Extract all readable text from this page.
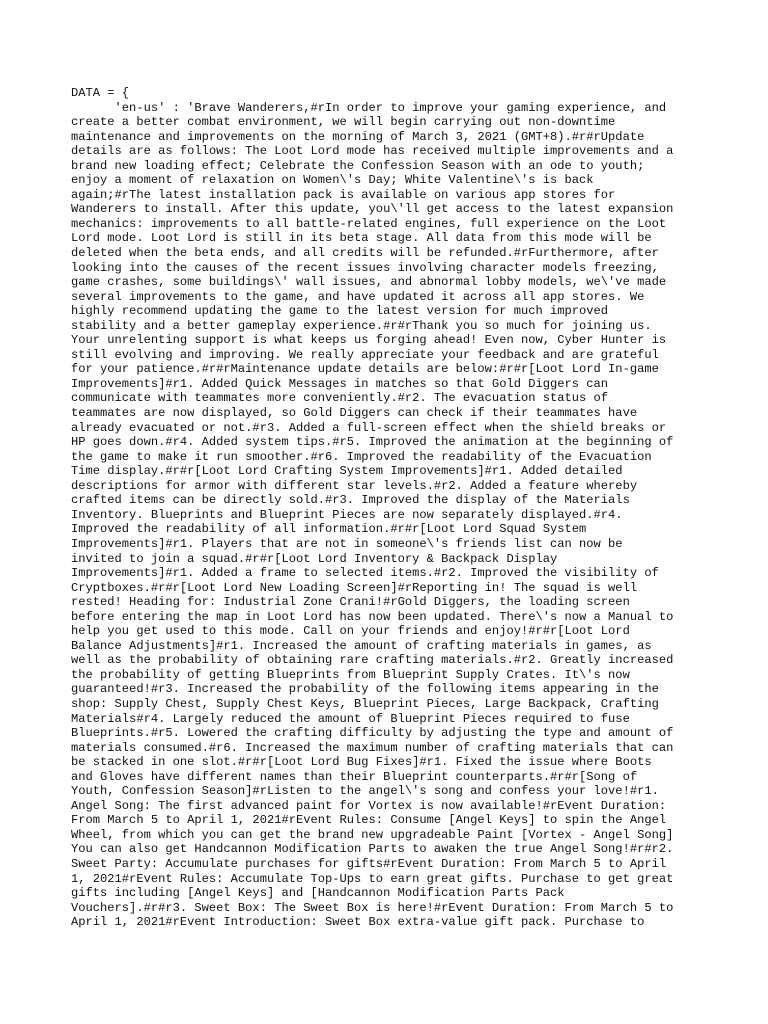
DATA = {
'en-us' : 'Brave Wanderers,#rIn order to improve your gaming experience, and
create a better combat environment, we will begin carrying out non-downtime
maintenance and improvements on the morning of March 3, 2021 (GMT+8).#r#rUpdate
details are as follows: The Loot Lord mode has received multiple improvements and a
brand new loading effect; Celebrate the Confession Season with an ode to youth;
enjoy a moment of relaxation on Women\'s Day; White Valentine\'s is back
again;#rThe latest installation pack is available on various app stores for
Wanderers to install. After this update, you\'ll get access to the latest expansion
mechanics: improvements to all battle-related engines, full experience on the Loot
Lord mode. Loot Lord is still in its beta stage. All data from this mode will be
deleted when the beta ends, and all credits will be refunded.#rFurthermore, after
looking into the causes of the recent issues involving character models freezing,
game crashes, some buildings\' wall issues, and abnormal lobby models, we\'ve made
several improvements to the game, and have updated it across all app stores. We
highly recommend updating the game to the latest version for much improved
stability and a better gameplay experience.#r#rThank you so much for joining us.
Your unrelenting support is what keeps us forging ahead! Even now, Cyber Hunter is
still evolving and improving. We really appreciate your feedback and are grateful
for your patience.#r#rMaintenance update details are below:#r#r[Loot Lord In-game
Improvements]#r1. Added Quick Messages in matches so that Gold Diggers can
communicate with teammates more conveniently.#r2. The evacuation status of
teammates are now displayed, so Gold Diggers can check if their teammates have
already evacuated or not.#r3. Added a full-screen effect when the shield breaks or
HP goes down.#r4. Added system tips.#r5. Improved the animation at the beginning of
the game to make it run smoother.#r6. Improved the readability of the Evacuation
Time display.#r#r[Loot Lord Crafting System Improvements]#r1. Added detailed
descriptions for armor with different star levels.#r2. Added a feature whereby
crafted items can be directly sold.#r3. Improved the display of the Materials
Inventory. Blueprints and Blueprint Pieces are now separately displayed.#r4.
Improved the readability of all information.#r#r[Loot Lord Squad System
Improvements]#r1. Players that are not in someone\'s friends list can now be
invited to join a squad.#r#r[Loot Lord Inventory & Backpack Display
Improvements]#r1. Added a frame to selected items.#r2. Improved the visibility of
Cryptboxes.#r#r[Loot Lord New Loading Screen]#rReporting in! The squad is well
rested! Heading for: Industrial Zone Crani!#rGold Diggers, the loading screen
before entering the map in Loot Lord has now been updated. There\'s now a Manual to
help you get used to this mode. Call on your friends and enjoy!#r#r[Loot Lord
Balance Adjustments]#r1. Increased the amount of crafting materials in games, as
well as the probability of obtaining rare crafting materials.#r2. Greatly increased
the probability of getting Blueprints from Blueprint Supply Crates. It\'s now
guaranteed!#r3. Increased the probability of the following items appearing in the
shop: Supply Chest, Supply Chest Keys, Blueprint Pieces, Large Backpack, Crafting
Materials#r4. Largely reduced the amount of Blueprint Pieces required to fuse
Blueprints.#r5. Lowered the crafting difficulty by adjusting the type and amount of
materials consumed.#r6. Increased the maximum number of crafting materials that can
be stacked in one slot.#r#r[Loot Lord Bug Fixes]#r1. Fixed the issue where Boots
and Gloves have different names than their Blueprint counterparts.#r#r[Song of
Youth, Confession Season]#rListen to the angel\'s song and confess your love!#r1.
Angel Song: The first advanced paint for Vortex is now available!#rEvent Duration:
From March 5 to April 1, 2021#rEvent Rules: Consume [Angel Keys] to spin the Angel
Wheel, from which you can get the brand new upgradeable Paint [Vortex - Angel Song]
You can also get Handcannon Modification Parts to awaken the true Angel Song!#r#r2.
Sweet Party: Accumulate purchases for gifts#rEvent Duration: From March 5 to April
1, 2021#rEvent Rules: Accumulate Top-Ups to earn great gifts. Purchase to get great
gifts including [Angel Keys] and [Handcannon Modification Parts Pack
Vouchers].#r#r3. Sweet Box: The Sweet Box is here!#rEvent Duration: From March 5 to
April 1, 2021#rEvent Introduction: Sweet Box extra-value gift pack. Purchase to
